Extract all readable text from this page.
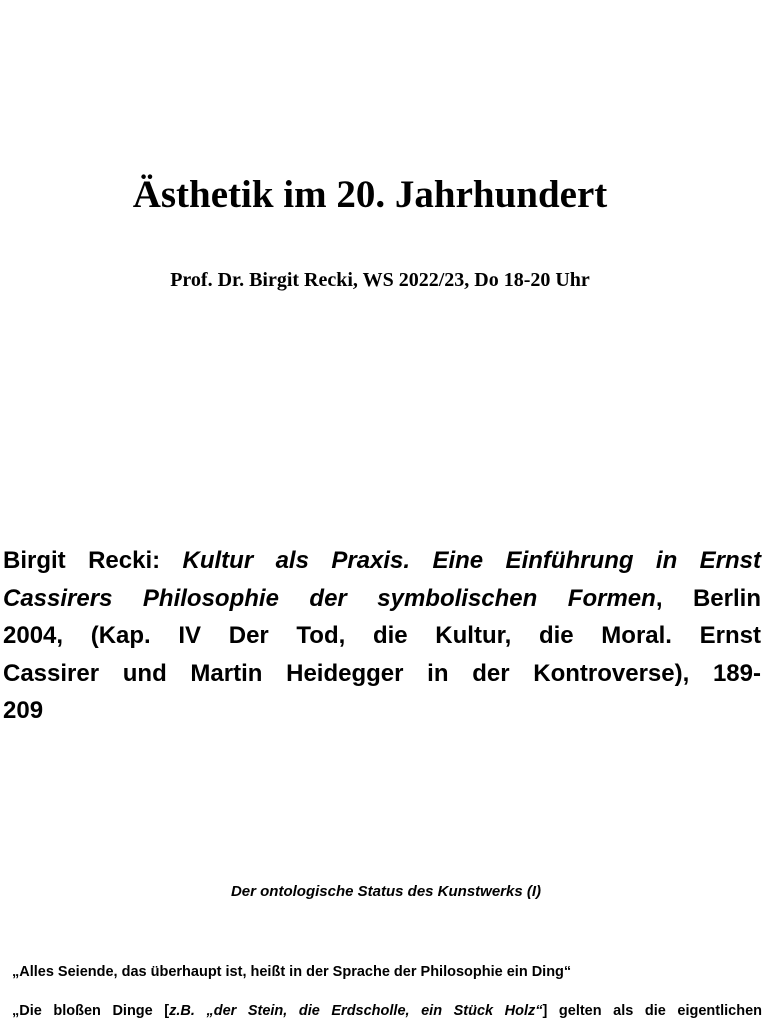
Ästhetik im 20. Jahrhundert
Prof. Dr. Birgit Recki, WS 2022/23, Do 18-20 Uhr
Birgit Recki: Kultur als Praxis. Eine Einführung in Ernst
Cassirers Philosophie der symbolischen Formen, Berlin
2004, (Kap. IV Der Tod, die Kultur, die Moral. Ernst
Cassirer und Martin Heidegger in der Kontroverse), 189-
209
Der ontologische Status des Kunstwerks (I)
„Alles Seiende, das überhaupt ist, heißt in der Sprache der Philosophie ein Ding“
„Die bloßen Dinge [z.B. „der Stein, die Erdscholle, ein Stück Holz“] gelten als die eigentlichen
